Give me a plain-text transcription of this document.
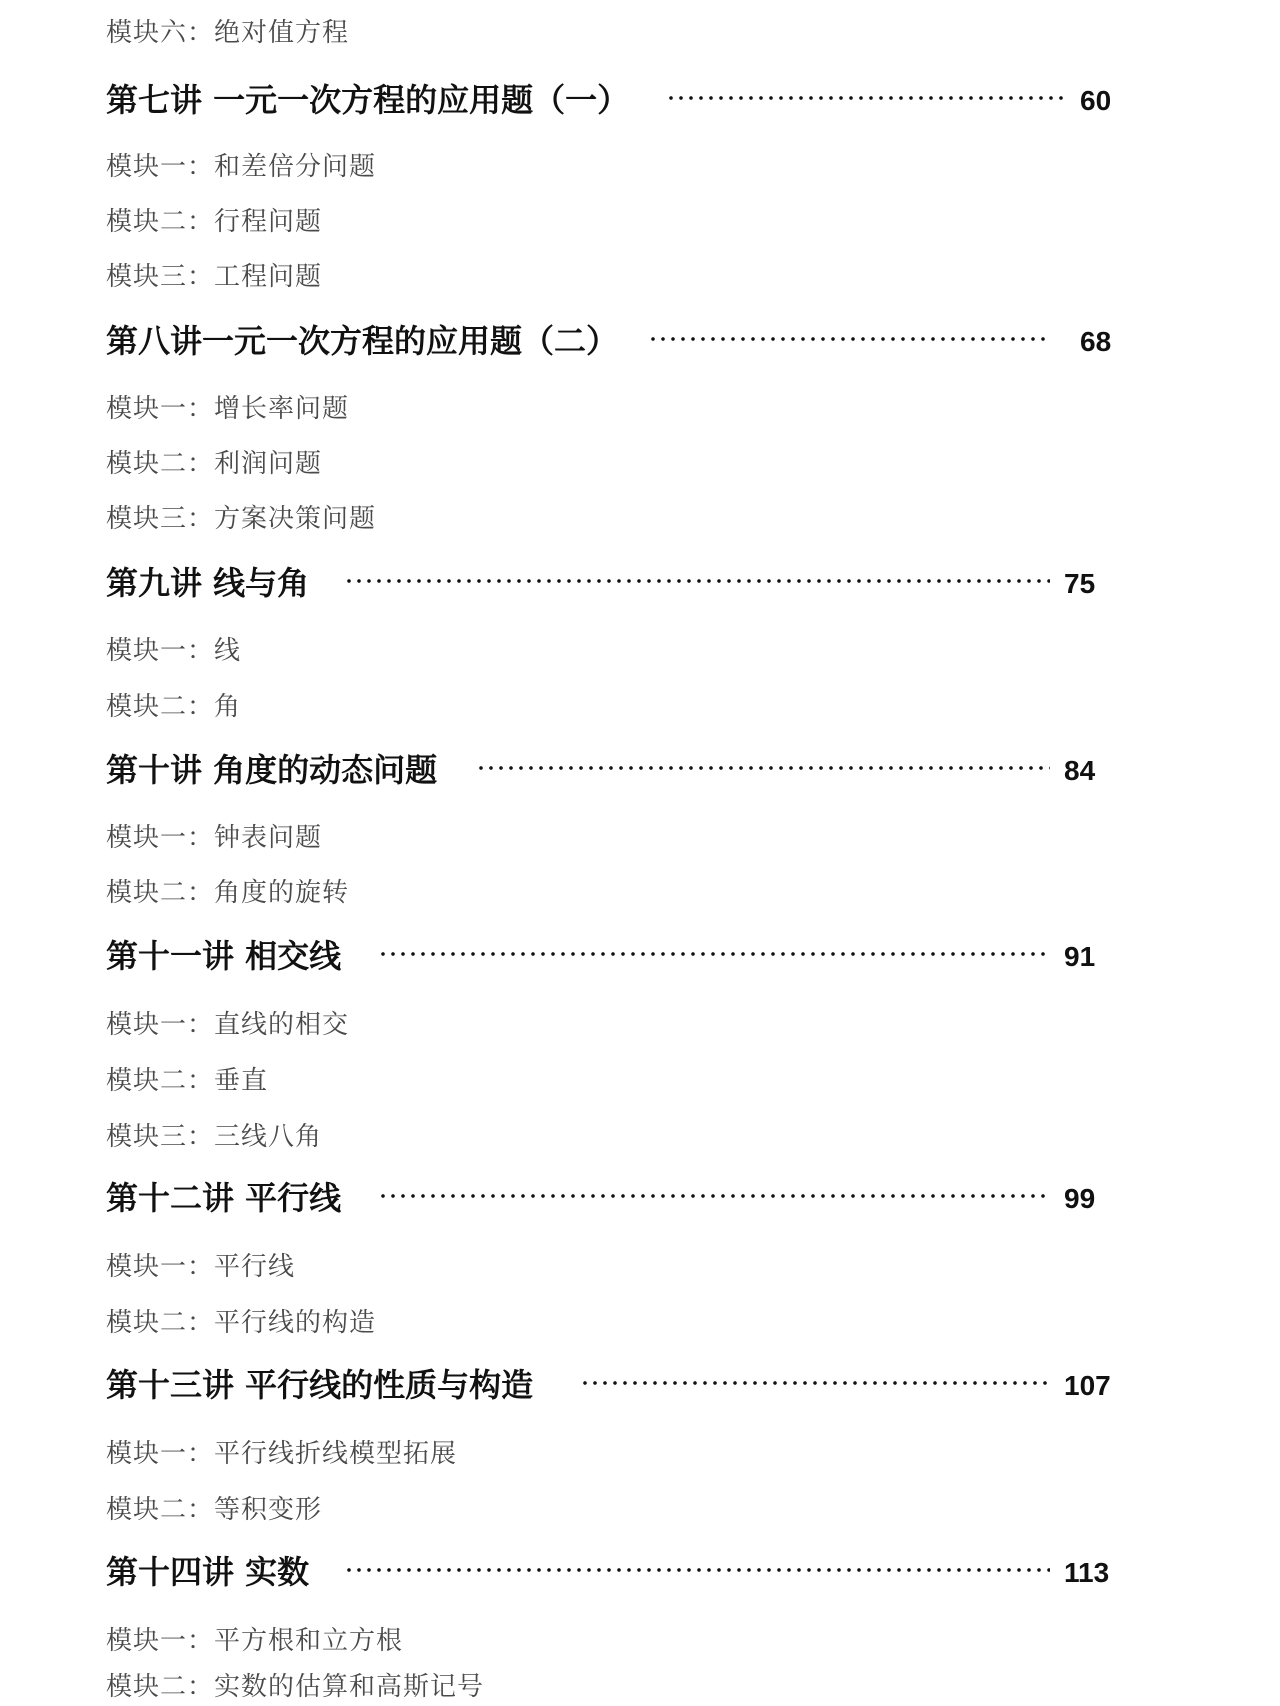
模块六：绝对值方程
第七讲 一元一次方程的应用题（一）	60
模块一：和差倍分问题
模块二：行程问题
模块三：工程问题
第八讲一元一次方程的应用题（二）	68
模块一：增长率问题
模块二：利润问题
模块三：方案决策问题
第九讲 线与角	75
模块一：线
模块二：角
第十讲 角度的动态问题	84
模块一：钟表问题
模块二：角度的旋转
第十一讲 相交线	91
模块一：直线的相交
模块二：垂直
模块三：三线八角
第十二讲 平行线	99
模块一：平行线
模块二：平行线的构造
第十三讲 平行线的性质与构造	107
模块一：平行线折线模型拓展
模块二：等积变形
第十四讲 实数	113
模块一：平方根和立方根
模块二：实数的估算和高斯记号
